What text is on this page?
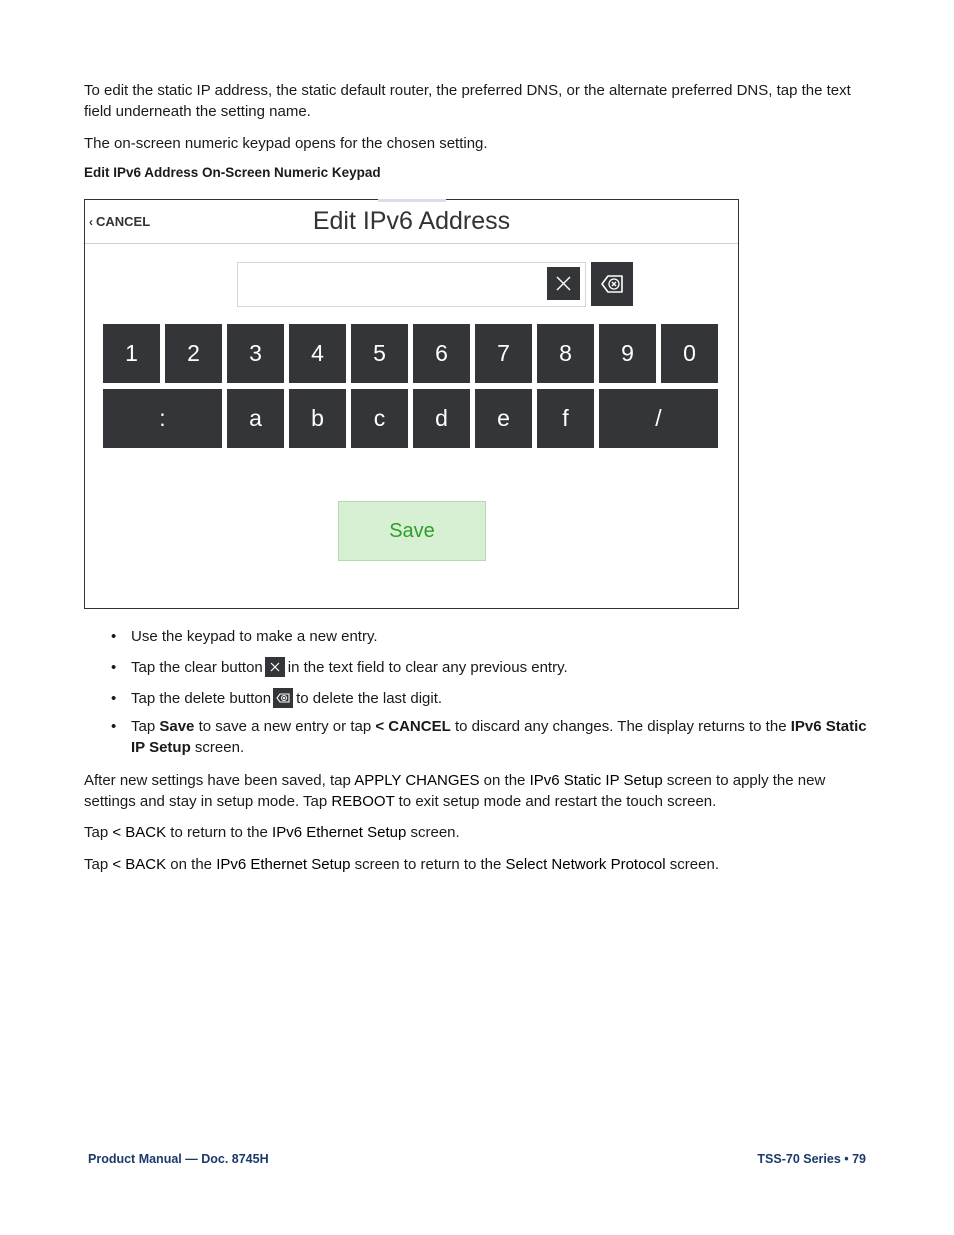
To edit the static IP address, the static default router, the preferred DNS, or the alternate preferred DNS, tap the text field underneath the setting name.

The on-screen numeric keypad opens for the chosen setting.

Edit IPv6 Address On-Screen Numeric Keypad

‹ CANCEL	Edit IPv6 Address
1	2	3	4	5	6	7	8	9	0
:	a	b	c	d	e	f	/
Save
• Use the keypad to make a new entry.
• Tap the clear button in the text field to clear any previous entry.
• Tap the delete button to delete the last digit.
• Tap Save to save a new entry or tap < CANCEL to discard any changes. The display returns to the IPv6 Static IP Setup screen.

After new settings have been saved, tap APPLY CHANGES on the IPv6 Static IP Setup screen to apply the new settings and stay in setup mode. Tap REBOOT to exit setup mode and restart the touch screen.

Tap < BACK to return to the IPv6 Ethernet Setup screen.

Tap < BACK on the IPv6 Ethernet Setup screen to return to the Select Network Protocol screen.

Product Manual — Doc. 8745H	TSS-70 Series • 79
